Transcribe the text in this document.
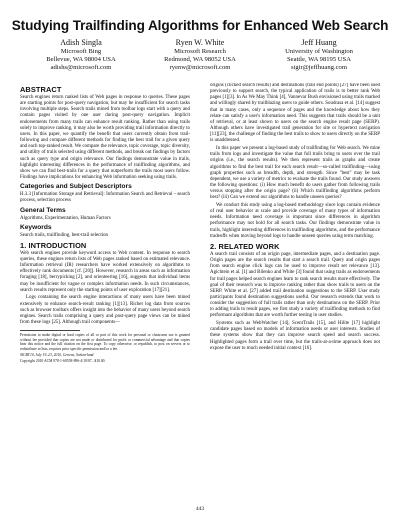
Studying Trailfinding Algorithms for Enhanced Web Search
Adish Singla
Microsoft Bing
Bellevue, WA 98004 USA
adishs@microsoft.com
Ryen W. White
Microsoft Research
Redmond, WA 98052 USA
ryenw@microsoft.com
Jeff Huang
University of Washington
Seattle, WA 98195 USA
sigir@jeffhuang.com
ABSTRACT

Search engines return ranked lists of Web pages in response to queries. These pages are starting points for post-query navigation, but may be insufficient for search tasks involving multiple steps. Search trails mined from toolbar logs start with a query and contain pages visited by one user during post-query navigation. Implicit endorsements from many trails can enhance result ranking. Rather than using trails solely to improve ranking, it may also be worth providing trail information directly to users. In this paper, we quantify the benefit that users currently obtain from trail-following and compare different methods for finding the best trail for a given query and each top-ranked result. We compare the relevance, topic coverage, topic diversity, and utility of trails selected using different methods, and break out findings by factors such as query type and origin relevance. Our findings demonstrate value in trails, highlight interesting differences in the performance of trailfinding algorithms, and show we can find best-trails for a query that outperform the trails most users follow. Findings have implications for enhancing Web information seeking using trails.

Categories and Subject Descriptors

H.3.3 [Information Storage and Retrieval]: Information Search and Retrieval – search process, selection process

General Terms

Algorithms, Experimentation, Human Factors

Keywords

Search trails, trailfinding, best-trail selection

1. INTRODUCTION

Web search engines provide keyword access to Web content. In response to search queries, these engines return lists of Web pages ranked based on estimated relevance. Information retrieval (IR) researchers have worked extensively on algorithms to effectively rank documents [cf. [20]]. However, research in areas such as information foraging [18], berrypicking [2], and orienteering [16], suggests that individual items may be insufficient for vague or complex information needs. In such circumstances, search results represent only the starting points of user exploration [17][21].

Logs containing the search engine interactions of many users have been mined extensively to enhance search-result ranking [1][13]. Richer log data from sources such as browser toolbars offers insight into the behavior of many users beyond search engines. Search trails comprising a query and post-query page views can be mined from these logs [25]. Although trail components—

Permission to make digital or hard copies of all or part of this work for personal or classroom use is granted without fee provided that copies are not made or distributed for profit or commercial advantage and that copies bear this notice and the full citation on the first page. To copy otherwise, or republish, to post on servers or to redistribute to lists, requires prior specific permission and/or a fee.

SIGIR'10, July 19–23, 2010, Geneva, Switzerland.

Copyright 2010 ACM 978-1-60558-896-4/10/07...$10.00.

origins (clicked search results) and destinations (trail end points) [27] have been used previously to support search, the typical application of trails is to better rank Web pages [1][3]. In As We May Think [4], Vannevar Bush envisioned using trails marked and willingly shared by trailblazing users to guide others. Soudrasa et al. [14] suggest that in many cases, only a sequence of pages and the knowledge about how they relate can satisfy a user's information need. This suggests that trails should be a unit of retrieval, or at least shown to users on the search engine result page (SERP). Although others have investigated trail generation for site or hypertext navigation [11][23], the challenge of finding the best trails to show to users directly on the SERP is unaddressed.

In this paper we present a log-based study of trailfinding for Web search. We mine trails from logs and investigate the value that full trails bring to users over the trail origins (i.e., the search results). We then represent trails as graphs and create algorithms to find the best trail for each search result—so-called trailfinding—using graph properties such as breadth, depth, and strength. Since "best" may be task dependent, we use a variety of metrics to evaluate the trails found. Our study answers the following questions: (i) How much benefit do users gather from following trails versus stopping after the origin page? (ii) Which trailfinding algorithms perform best? (iii) Can we extend our algorithms to handle unseen queries?

We conduct this study using a log-based methodology since logs contain evidence of real user behavior at scale and provide coverage of many types of information needs. Information need coverage is important since differences in algorithm performance may not hold for all search tasks. Our findings demonstrate value in trails, highlight interesting differences in trailfinding algorithms, and the performance tradeoffs when moving beyond logs to handle unseen queries using term matching.

2. RELATED WORK

A search trail consists of an origin page, intermediate pages, and a destination page. Origin pages are the search results that start a search trail. Query and origin pages from search engine click logs can be used to improve result set relevance [13]. Agichtein et al. [1] and Bilenko and White [3] found that using trails as endorsements for trail pages helped search engines learn to rank search results more effectively. The goal of their research was to improve ranking rather than show trails to users on the SERP. White et al. [27] added trail destination suggestions to the SERP. User study participants found destination suggestions useful. Our research extends that work to consider the suggestion of full trails rather than only destinations on the SERP. Prior to adding trails to result pages, we first study a variety of trailfinding methods to find performant algorithms that are worth further testing in user studies.

Systems such as WebWatcher [14], ScentTrails [15], and Hilite [17] highlight candidate pages based on models of information needs or user interests. Studies of these systems show that they can improve search speed and search success. Highlighted pages form a trail over time, but the trails-at-a-time approach does not expose the user to much needed initial context [16].

443
